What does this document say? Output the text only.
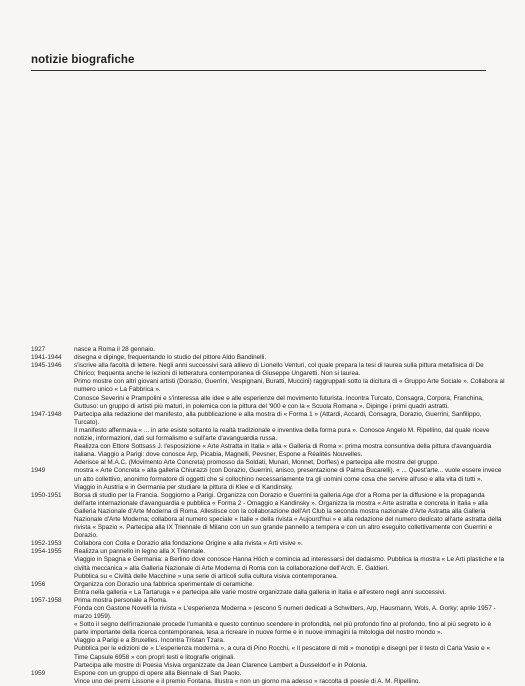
notizie biografiche
1927	nasce a Roma il 28 gennaio.

1941-1944	disegna e dipinge, frequentando lo studio del pittore Aldo Bandinelli.

1945-1946	s'iscrive alla facoltà di lettere. Negli anni successivi sarà allievo di Lionello Venturi, col quale prepara la tesi di laurea sulla pittura metafisica di De Chirico; frequenta anche le lezioni di letteratura contemporanea di Giuseppe Ungaretti. Non si laurea.

Primo mostre con altri giovani artisti (Dorazio, Guerrini, Vespignani, Buratti, Muccini) raggruppati sotto la dicitura di « Gruppo Arte Sociale ». Collabora al numero unico « La Fabbrica ».

Conosce Severini e Prampolini e s'interessa alle idee e alle esperienze del movimento futurista. Incontra Turcato, Consagra, Corpora, Franchina, Guttuso: un gruppo di artisti più maturi, in polemica con la pittura del '900 e con la « Scuola Romana ». Dipinge i primi quadri astratti.

1947-1948	Partecipa alla redazione del manifesto, alla pubblicazione e alla mostra di « Forma 1 » (Attardi, Accardi, Consagra, Dorazio, Guerrini, Sanfilippo, Turcato).

Il manifesto affermava « ... in arte esiste soltanto la realtà tradizionale e inventiva della forma pura ». Conosce Angelo M. Ripellino, dal quale riceve notizie, informazioni, dati sul formalismo e sull'arte d'avanguardia russa.

Realizza con Ettore Sottsass J. l'esposizione « Arte Astratta in Italia » alla « Galleria di Roma »: prima mostra consuntiva della pittura d'avanguardia italiana. Viaggio a Parigi: dove conosce Arp, Picabia, Magnelli, Pevsner, Espone a Réalités Nouvelles.

Aderisce al M.A.C. (Movimento Arte Concreta) promosso da Soldati, Munari, Monnet, Dorfles) e partecipa alle mostre del gruppo.

1949	mostra « Arte Concreta » alla galleria Chiurazzi (con Dorazio, Guerrini, anisco, presentazione di Palma Bucarelli). « ... Quest'arte... vuole essere invece un atto collettivo, anonimo formatore di oggetti che si collochino necessariamente tra gli uomini come cosa che servire all'uso e alla vita di tutti ».

Viaggio in Austria e in Germania per studiare la pittura di Klee e di Kandinsky.

1950-1951	Borsa di studio per la Francia. Soggiorno a Parigi. Organizza con Dorazio e Guerrini la galleria Age d'or a Roma per la diffusione e la propaganda dell'arte internazionale d'avanguardia e pubblica « Forma 2 - Omaggio a Kandinsky ». Organizza la mostra « Arte astratta e concreta in Italia » alla Galleria Nazionale d'Arte Moderna di Roma. Allestisce con la collaborazione dell'Art Club la seconda mostra nazionale d'Arte Astratta alla Galleria Nazionale d'Arte Moderna; collabora al numero speciale « Italie » della rivista « Aujourd'hui » e alla redazione del numero dedicato all'arte astratta della rivista « Spazio ». Partecipa alla IX Triennale di Milano con un suo grande pannello a tempera e con un altro eseguito collettivamente con Guerrini e Dorazio.

1952-1953	Collabora con Colla e Dorazio alla fondazione Origine e alla rivista « Arti visive ».

1954-1955	Realizza un pannello in legno alla X Triennale.

Viaggio in Spagna e Germania: a Berlino dove conosce Hanna Höch e comincia ad interessarsi del dadaismo. Pubblica la mostra « Le Arti plastiche e la civiltà meccanica » alla Galleria Nazionale di Arte Moderna di Roma con la collaborazione dell'Arch. E. Galdieri.

Pubblica su « Civiltà delle Macchine » una serie di articoli sulla cultura visiva contemporanea.

1956	Organizza con Dorazio una fabbrica sperimentale di ceramiche.

Entra nella galleria « La Tartaruga » e partecipa alle varie mostre organizzate dalla galleria in Italia e all'estero negli anni successivi.

1957-1958	Prima mostra personale a Roma.

Fonda con Gastone Novelli la rivista « L'esperienza Moderna » (escono 5 numeri dedicati a Schwitters, Arp, Hausmann, Wols, A. Gorky; aprile 1957 - marzo 1959).

« Sotto il segno dell'irrazionale procede l'umanità e questo continuo scendere in profondità, nel più profondo fino al profondo, fino al più segreto io è parte importante della ricerca contemporanea, tesa a ricreare in nuove forme e in nuove immagini la mitologia del nostro mondo ».

Viaggio a Parigi e a Bruxelles. Incontra Tristan Tzara.

Pubblica per le edizioni de « L'esperienza moderna », a cura di Pino Rocchi, « Il pescatore di miti » monotipi e disegni per il testo di Carla Vasio e « Time Capsule 6958 » con propri testi e litografie originali.

Partecipa alle mostre di Poesia Visiva organizzate da Jean Clarence Lambert a Dusseldorf e in Polonia.

1959	Espone con un gruppo di opere alla Biennale di San Paolo.

Vince uno dei premi Lissone e il premio Fontana. Illustra « non un giorno ma adesso » raccolta di poesie di A. M. Ripellino.
